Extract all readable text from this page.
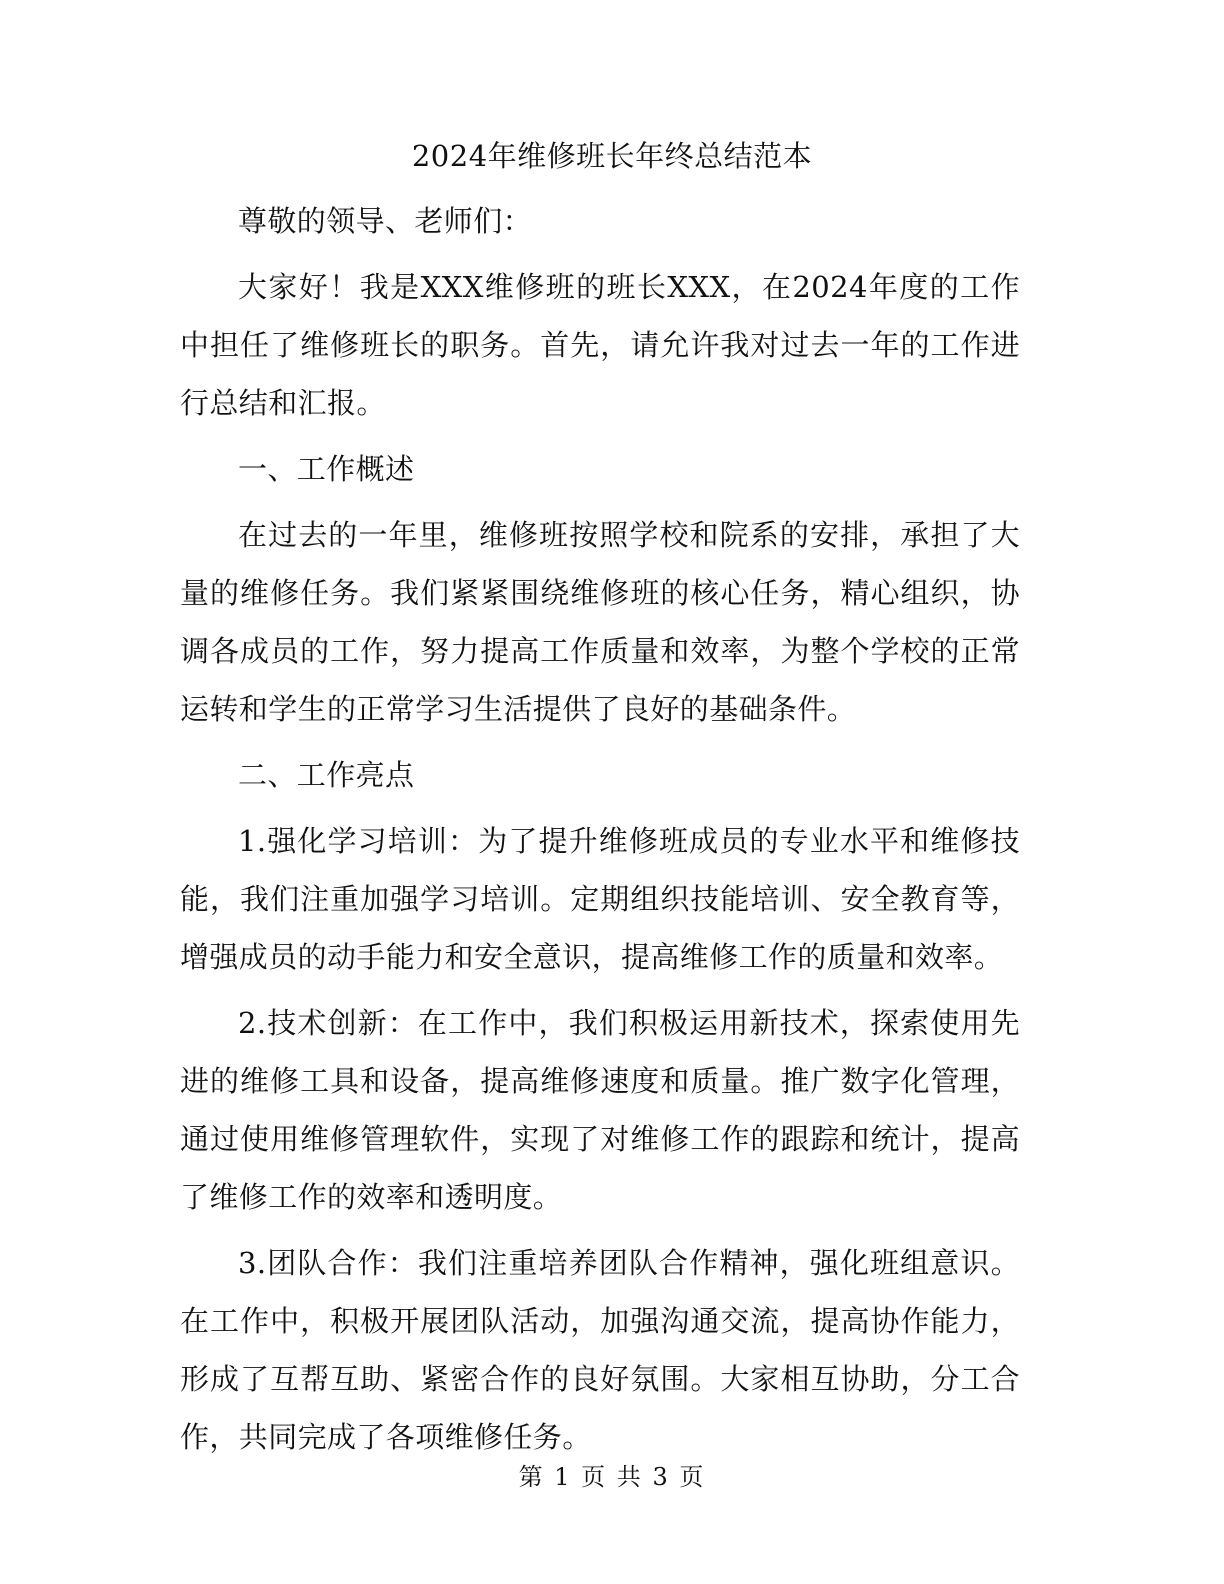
2024年维修班长年终总结范本

尊敬的领导、老师们：

大家好！我是XXX维修班的班长XXX，在2024年度的工作中担任了维修班长的职务。首先，请允许我对过去一年的工作进行总结和汇报。

一、工作概述

在过去的一年里，维修班按照学校和院系的安排，承担了大量的维修任务。我们紧紧围绕维修班的核心任务，精心组织，协调各成员的工作，努力提高工作质量和效率，为整个学校的正常运转和学生的正常学习生活提供了良好的基础条件。

二、工作亮点

1.强化学习培训：为了提升维修班成员的专业水平和维修技能，我们注重加强学习培训。定期组织技能培训、安全教育等，增强成员的动手能力和安全意识，提高维修工作的质量和效率。

2.技术创新：在工作中，我们积极运用新技术，探索使用先进的维修工具和设备，提高维修速度和质量。推广数字化管理，通过使用维修管理软件，实现了对维修工作的跟踪和统计，提高了维修工作的效率和透明度。

3.团队合作：我们注重培养团队合作精神，强化班组意识。在工作中，积极开展团队活动，加强沟通交流，提高协作能力，形成了互帮互助、紧密合作的良好氛围。大家相互协助，分工合作，共同完成了各项维修任务。

第 1 页 共 3 页
